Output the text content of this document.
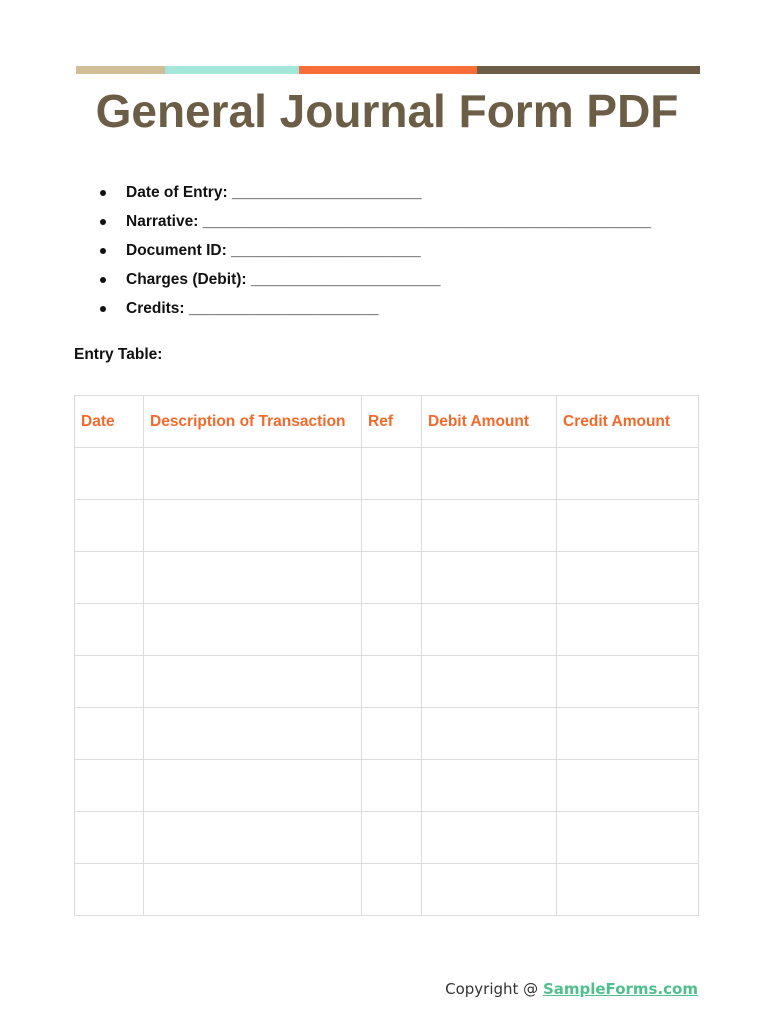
General Journal Form PDF
Date of Entry:
______________________
Narrative:
____________________________________________________
Document ID:
______________________
Charges (Debit):
______________________
Credits:
______________________
Entry Table:
Date	Description of Transaction	Ref	Debit Amount	Credit Amount

Copyright @ SampleForms.com
